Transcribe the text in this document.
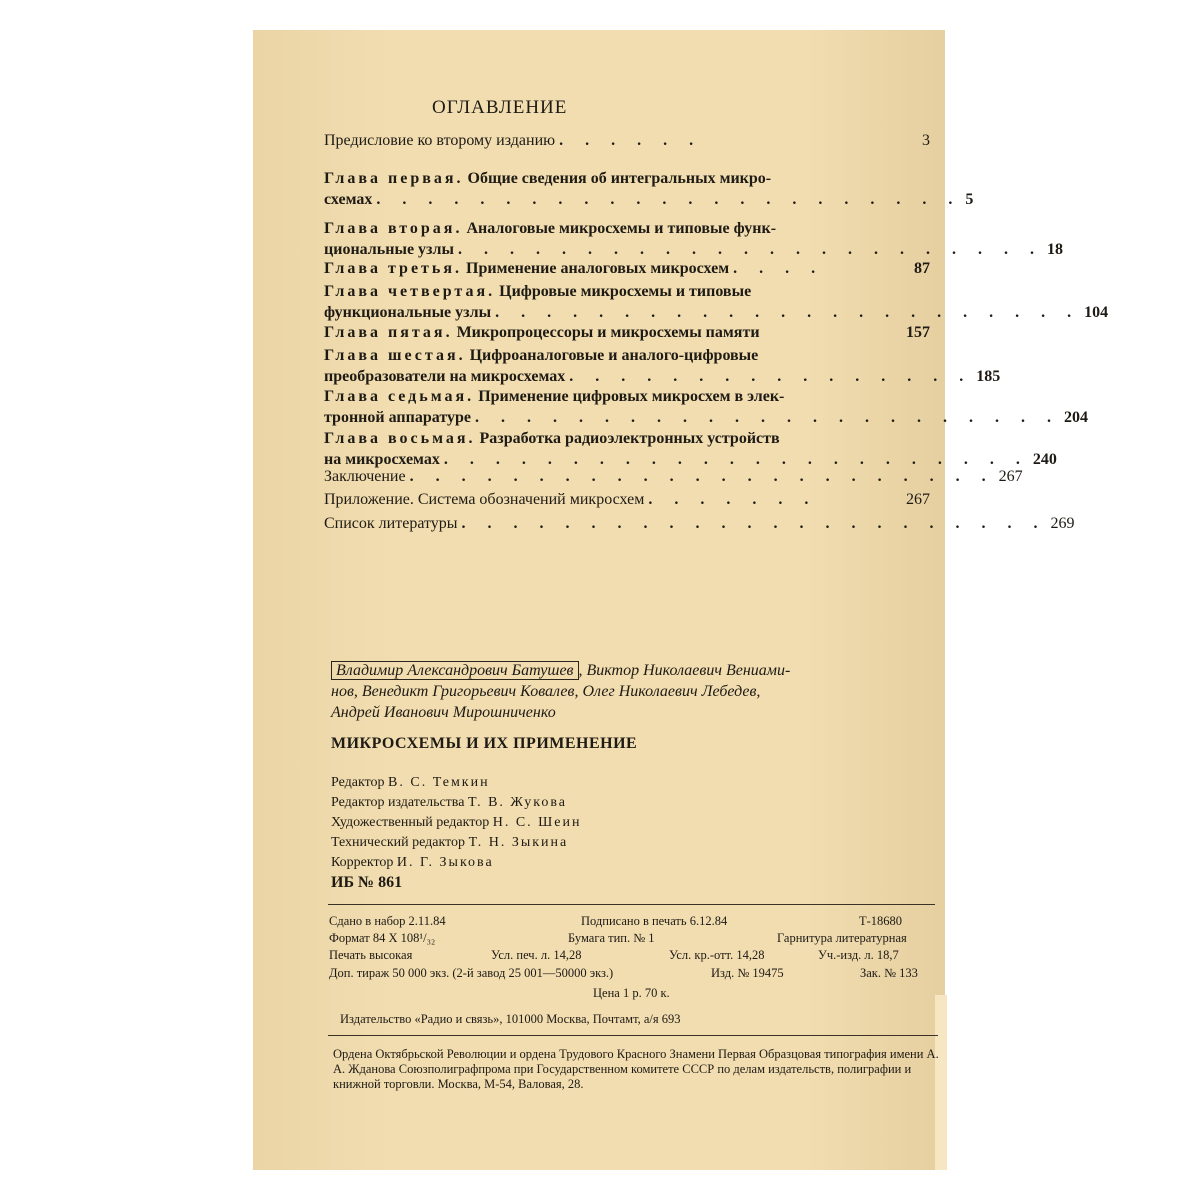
ОГЛАВЛЕНИЕ
Предисловие ко второму изданию . . . . . .	3
Глава первая. Общие сведения об интегральных микро-
схемах . . . . . . . . . . . . . . . . . . . . . . . 5
Глава вторая. Аналоговые микросхемы и типовые функ-
циональные узлы . . . . . . . . . . . . . . . . . . . . . . . 18
Глава третья. Применение аналоговых микросхем . . . .	87
Глава четвертая. Цифровые микросхемы и типовые
функциональные узлы . . . . . . . . . . . . . . . . . . . . . . . 104
Глава пятая. Микропроцессоры и микросхемы памяти	157
Глава шестая. Цифроаналоговые и аналого-цифровые
преобразователи на микросхемах . . . . . . . . . . . . . . . . 185
Глава седьмая. Применение цифровых микросхем в элек-
тронной аппаратуре . . . . . . . . . . . . . . . . . . . . . . . 204
Глава восьмая. Разработка радиоэлектронных устройств
на микросхемах . . . . . . . . . . . . . . . . . . . . . . . 240
Заключение . . . . . . . . . . . . . . . . . . . . . . . 267
Приложение. Система обозначений микросхем . . . . . . .	267
Список литературы . . . . . . . . . . . . . . . . . . . . . . . 269
Владимир Александрович Батушев , Виктор Николаевич Вениами-
нов, Венедикт Григорьевич Ковалев, Олег Николаевич Лебедев,
Андрей Иванович Мирошниченко
МИКРОСХЕМЫ И ИХ ПРИМЕНЕНИЕ
Редактор В. С. Темкин
Редактор издательства Т. В. Жукова
Художественный редактор Н. С. Шеин
Технический редактор Т. Н. Зыкина
Корректор И. Г. Зыкова
ИБ № 861
Сдано в набор 2.11.84	Подписано в печать 6.12.84	Т-18680
Формат 84 X 108¹/₃₂	Бумага тип. № 1	Гарнитура литературная
Печать высокая	Усл. печ. л. 14,28	Усл. кр.-отт. 14,28	Уч.-изд. л. 18,7
Доп. тираж 50 000 экз. (2-й завод 25 001—50000 экз.)	Изд. № 19475	Зак. № 133
Цена 1 р. 70 к.
Издательство «Радио и связь», 101000 Москва, Почтамт, а/я 693
Ордена Октябрьской Революции и ордена Трудового Красного Знамени Первая Образцовая типография имени А. А. Жданова Союзполиграфпрома при Государственном комитете СССР по делам издательств, полиграфии и книжной торговли. Москва, М-54, Валовая, 28.
